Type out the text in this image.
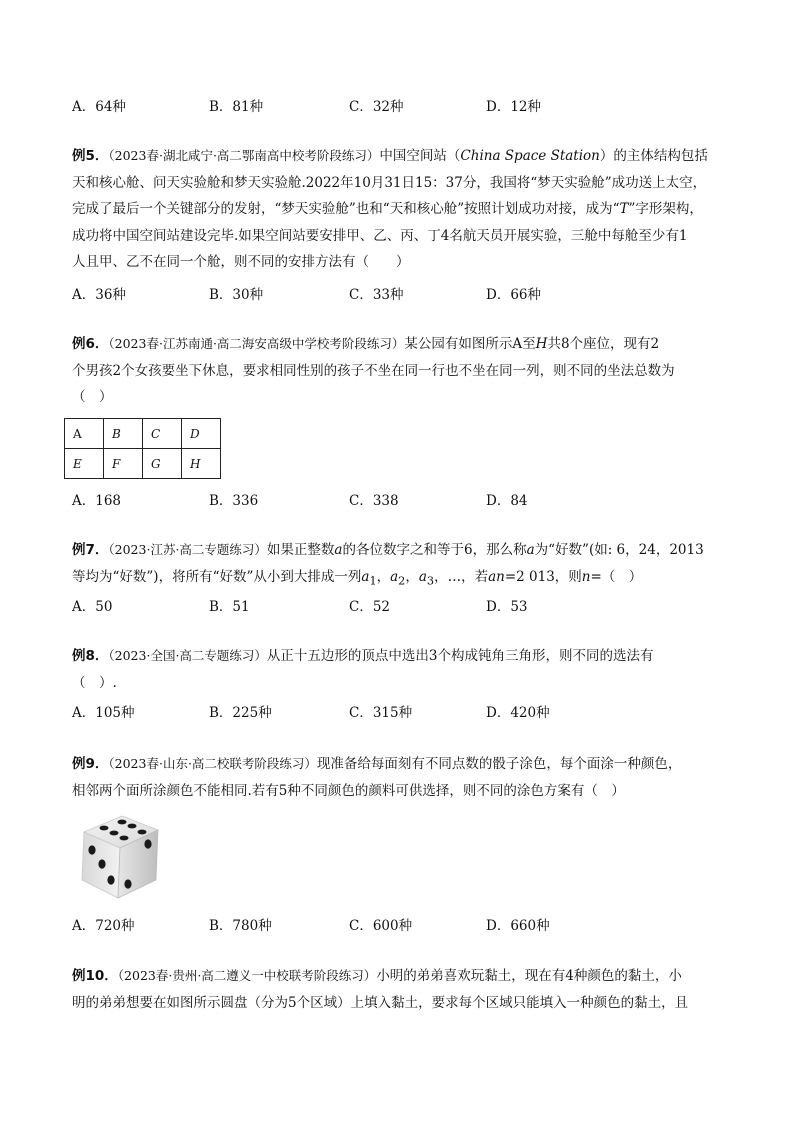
A．64种	B．81种	C．32种	D．12种
例5．（2023春·湖北咸宁·高二鄂南高中校考阶段练习）中国空间站（China Space Station）的主体结构包括
天和核心舱、问天实验舱和梦天实验舱.2022年10月31日15：37分，我国将“梦天实验舱”成功送上太空，
完成了最后一个关键部分的发射，“梦天实验舱”也和“天和核心舱”按照计划成功对接，成为“T”字形架构，
成功将中国空间站建设完毕.如果空间站要安排甲、乙、丙、丁4名航天员开展实验，三舱中每舱至少有1
人且甲、乙不在同一个舱，则不同的安排方法有（　　）
A．36种	B．30种	C．33种	D．66种
例6．（2023春·江苏南通·高二海安高级中学校考阶段练习）某公园有如图所示A至H共8个座位，现有2
个男孩2个女孩要坐下休息，要求相同性别的孩子不坐在同一行也不坐在同一列，则不同的坐法总数为
（　）
A	B	C	D
E	F	G	H
A．168	B．336	C．338	D．84
例7．（2023·江苏·高二专题练习）如果正整数a的各位数字之和等于6，那么称a为“好数”(如: 6，24，2013
等均为“好数”)，将所有“好数”从小到大排成一列$a_1$，$a_2$，$a_3$，…，若an=2 013，则n=（　）
A．50	B．51	C．52	D．53
例8．（2023·全国·高二专题练习）从正十五边形的顶点中选出3个构成钝角三角形，则不同的选法有
（　）.
A．105种	B．225种	C．315种	D．420种
例9．（2023春·山东·高二校联考阶段练习）现准备给每面刻有不同点数的骰子涂色，每个面涂一种颜色，
相邻两个面所涂颜色不能相同.若有5种不同颜色的颜料可供选择，则不同的涂色方案有（　）
A．720种	B．780种	C．600种	D．660种
例10．（2023春·贵州·高二遵义一中校联考阶段练习）小明的弟弟喜欢玩黏土，现在有4种颜色的黏土，小
明的弟弟想要在如图所示圆盘（分为5个区域）上填入黏土，要求每个区域只能填入一种颜色的黏土，且
